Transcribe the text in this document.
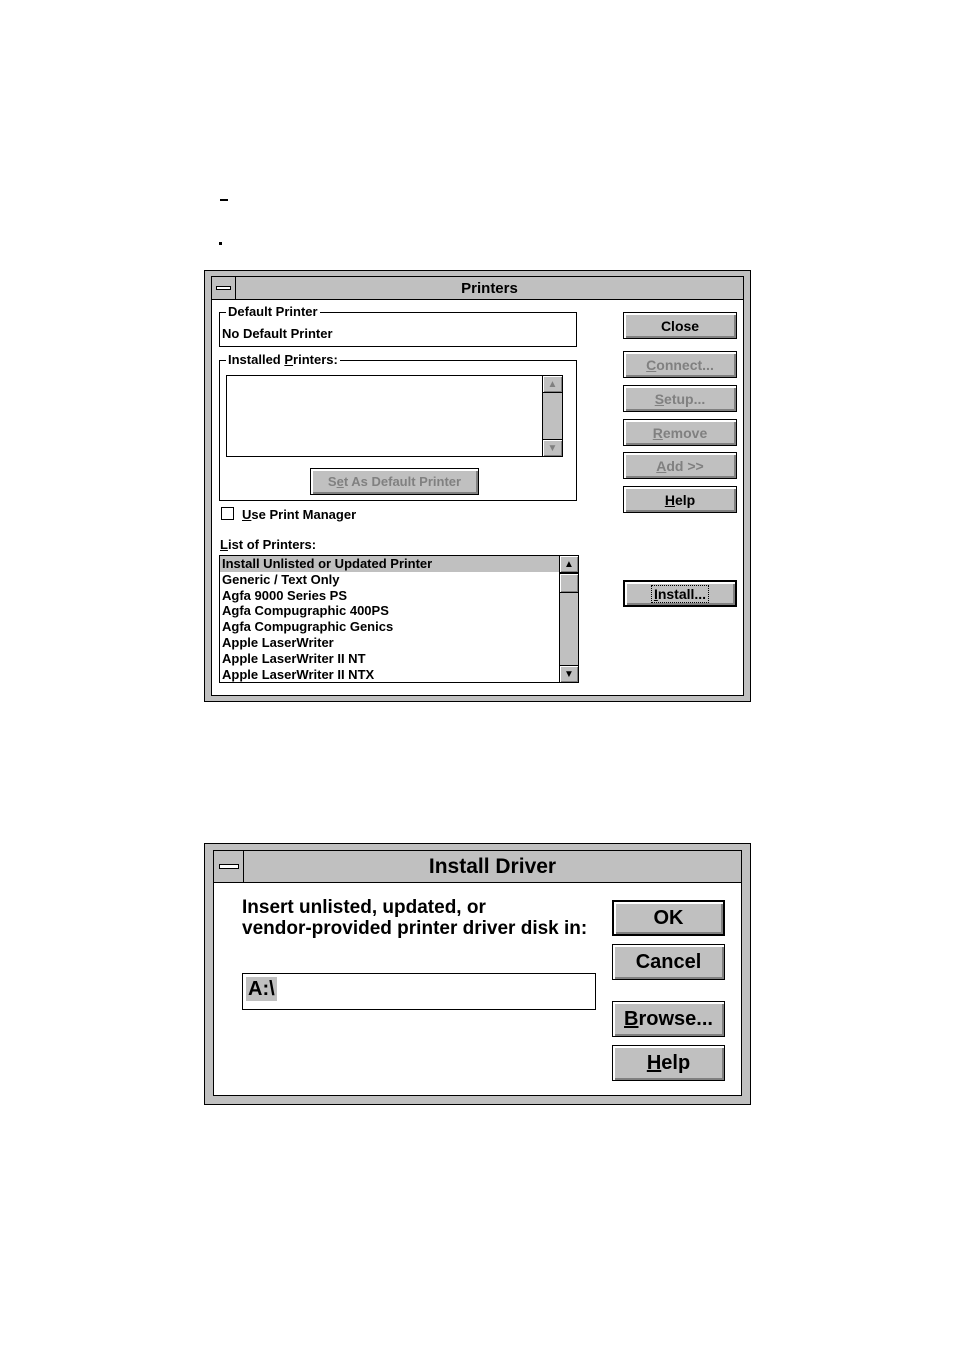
Printers
Default Printer
No Default Printer
Installed Printers:
▲
▼
S e t As Default Printer
Use Print Manager
List of Printers:
Install Unlisted or Updated Printer
Generic / Text Only
Agfa 9000 Series PS
Agfa Compugraphic 400PS
Agfa Compugraphic Genics
Apple LaserWriter
Apple LaserWriter II NT
Apple LaserWriter II NTX
▲
▼
Close
C onnect...
S etup...
R emove
A dd >>
H elp
Install...
Install Driver
Insert unlisted, updated, or
vendor-provided printer driver disk in:
A:\
OK
Cancel
B rowse...
H elp
